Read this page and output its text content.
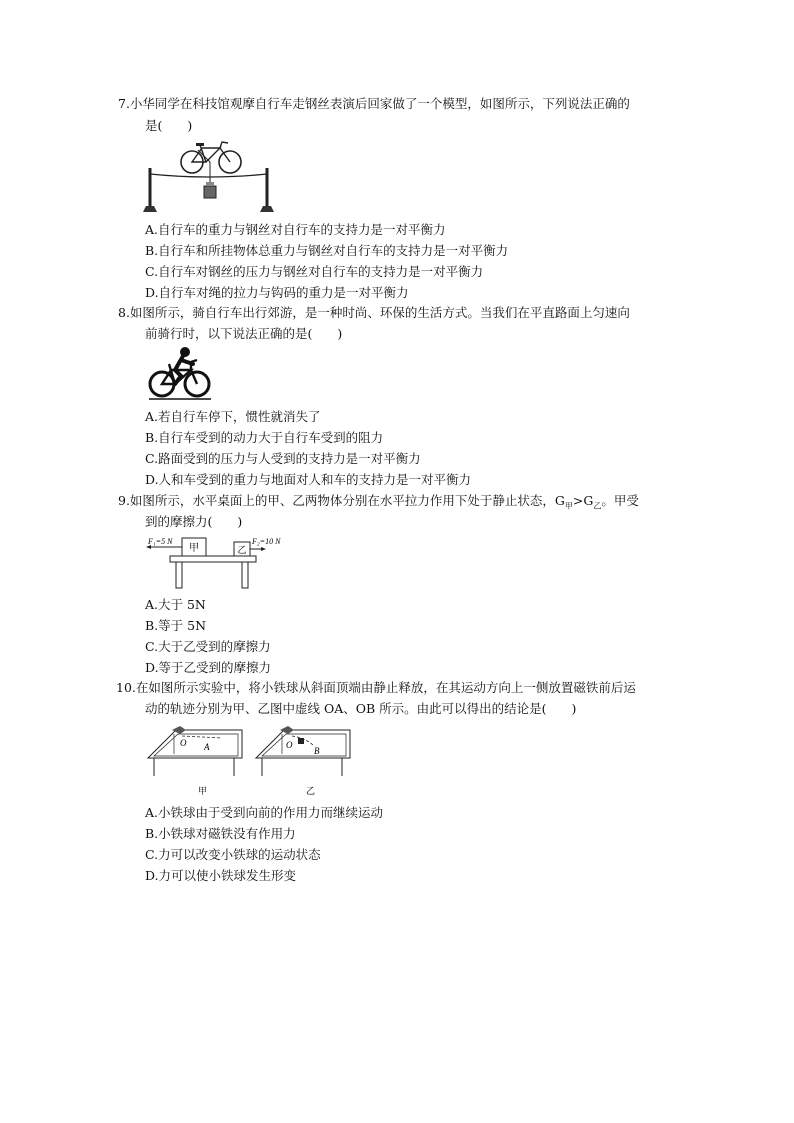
7.小华同学在科技馆观摩自行车走钢丝表演后回家做了一个模型，如图所示，下列说法正确的
是(　　)
A.自行车的重力与钢丝对自行车的支持力是一对平衡力
B.自行车和所挂物体总重力与钢丝对自行车的支持力是一对平衡力
C.自行车对钢丝的压力与钢丝对自行车的支持力是一对平衡力
D.自行车对绳的拉力与钩码的重力是一对平衡力
8.如图所示，骑自行车出行郊游，是一种时尚、环保的生活方式。当我们在平直路面上匀速向
前骑行时，以下说法正确的是(　　)
A.若自行车停下，惯性就消失了
B.自行车受到的动力大于自行车受到的阻力
C.路面受到的压力与人受到的支持力是一对平衡力
D.人和车受到的重力与地面对人和车的支持力是一对平衡力
9.如图所示，水平桌面上的甲、乙两物体分别在水平拉力作用下处于静止状态，$G_甲>G_乙$。甲受
到的摩擦力(　　)
甲	乙
F₁=5 N	F₂=10 N
A.大于 5N
B.等于 5N
C.大于乙受到的摩擦力
D.等于乙受到的摩擦力
10.在如图所示实验中，将小铁球从斜面顶端由静止释放，在其运动方向上一侧放置磁铁前后运
动的轨迹分别为甲、乙图中虚线 OA、OB 所示。由此可以得出的结论是(　　)
O A
甲
O
B
乙
A.小铁球由于受到向前的作用力而继续运动
B.小铁球对磁铁没有作用力
C.力可以改变小铁球的运动状态
D.力可以使小铁球发生形变
